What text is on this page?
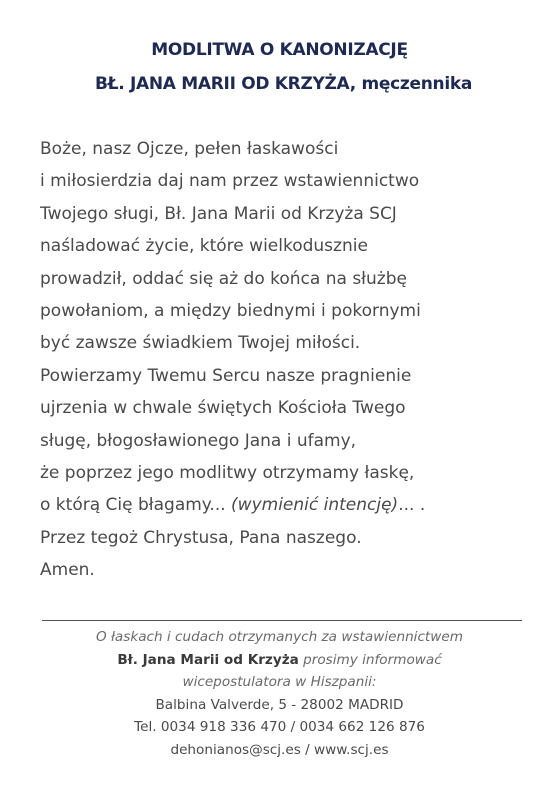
MODLITWA O KANONIZACJĘ
BŁ. JANA MARII OD KRZYŻA, męczennika
Boże, nasz Ojcze, pełen łaskawości
i miłosierdzia daj nam przez wstawiennictwo
Twojego sługi, Bł. Jana Marii od Krzyża SCJ
naśladować życie, które wielkodusznie
prowadził, oddać się aż do końca na służbę
powołaniom, a między biednymi i pokornymi
być zawsze świadkiem Twojej miłości.
Powierzamy Twemu Sercu nasze pragnienie
ujrzenia w chwale świętych Kościoła Twego
sługę, błogosławionego Jana i ufamy,
że poprzez jego modlitwy otrzymamy łaskę,
o którą Cię błagamy... (wymienić intencję)... .
Przez tegoż Chrystusa, Pana naszego.
Amen.
O łaskach i cudach otrzymanych za wstawiennictwem
Bł. Jana Marii od Krzyża prosimy informować
wicepostulatora w Hiszpanii:
Balbina Valverde, 5 - 28002 MADRID
Tel. 0034 918 336 470 / 0034 662 126 876
dehonianos@scj.es / www.scj.es
